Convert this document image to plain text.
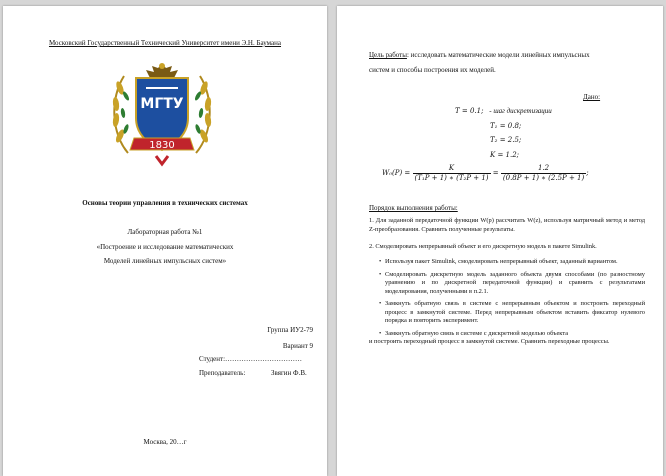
Московский Государственный Технический Университет имени Э.Н. Баумана
МГТУ
1830
Основы теории управления в технических системах
Лабораторная работа №1
«Построение и исследование математических
Моделей линейных импульсных систем»
Группа ИУ2-79
Вариант 9
Студент:……………………………
Преподаватель:	Звягин Ф.В.
Москва, 20…г
Цель работы: исследовать математические модели линейных импульсных
систем и способы построения их моделей.
Дано:
T = 0.1; - шаг дискретизации
T₁ = 0.8;
T₂ = 2.5;
K = 1.2;
$W_0(P) = \frac{K}{\text{(T₁P + 1) ∗ (T₂P + 1)}} = \frac{1.2}{(0.8P + 1) ∗ (2.5P + 1)}$ ;
Порядок выполнения работы:
1. Для заданной передаточной функции W(p) рассчитать W(z), используя матричный метод и метод Z-преобразования. Сравнить полученные результаты.
2. Смоделировать непрерывный объект и его дискретную модель в пакете Simulink.
• Используя пакет Simulink, смоделировать непрерывный объект, заданный вариантом.
• Смоделировать дискретную модель заданного объекта двумя способами (по разностному уравнению и по дискретной передаточной функции) и сравнить с результатами моделирования, полученными в п.2.1.
• Замкнуть обратную связь в системе с непрерывным объектом и построить переходный процесс в замкнутой системе. Перед непрерывным объектом вставить фиксатор нулевого порядка и повторить эксперимент.
• Замкнуть обратную связь в системе с дискретной моделью объекта
и построить переходный процесс в замкнутой системе. Сравнить переходные процессы.
